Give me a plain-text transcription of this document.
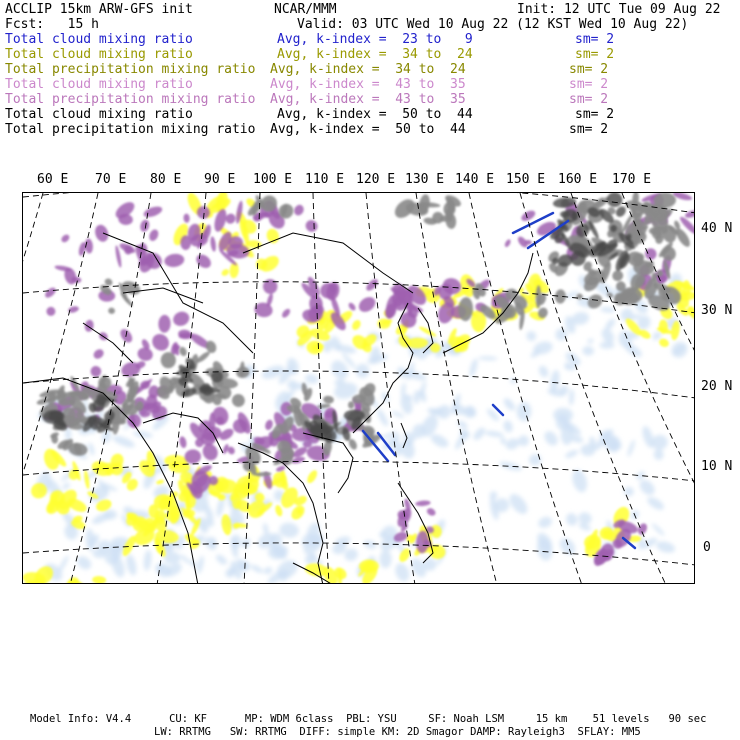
ACCLIP 15km ARW-GFS init	NCAR/MMM	Init: 12 UTC Tue 09 Aug 22
Fcst:   15 h	Valid: 03 UTC Wed 10 Aug 22 (12 KST Wed 10 Aug 22)
Total cloud mixing ratio	Avg, k-index =  23 to   9	sm= 2
Total cloud mixing ratio	Avg, k-index =  34 to  24	sm= 2
Total precipitation mixing ratio Avg, k-index =  34 to  24	sm= 2
Total cloud mixing ratio	Avg, k-index =  43 to  35	sm= 2
Total precipitation mixing ratio Avg, k-index =  43 to  35	sm= 2
Total cloud mixing ratio	Avg, k-index =  50 to  44	sm= 2
Total precipitation mixing ratio Avg, k-index =  50 to  44	sm= 2
60 E 70 E 80 E 90 E 100 E 110 E 120 E 130 E 140 E 150 E 160 E 170 E
40 N
30 N
20 N
10 N
0
Model Info: V4.4      CU: KF      MP: WDM 6class  PBL: YSU     SF: Noah LSM     15 km    51 levels   90 sec
LW: RRTMG   SW: RRTMG  DIFF: simple KM: 2D Smagor DAMP: Rayleigh3  SFLAY: MM5
